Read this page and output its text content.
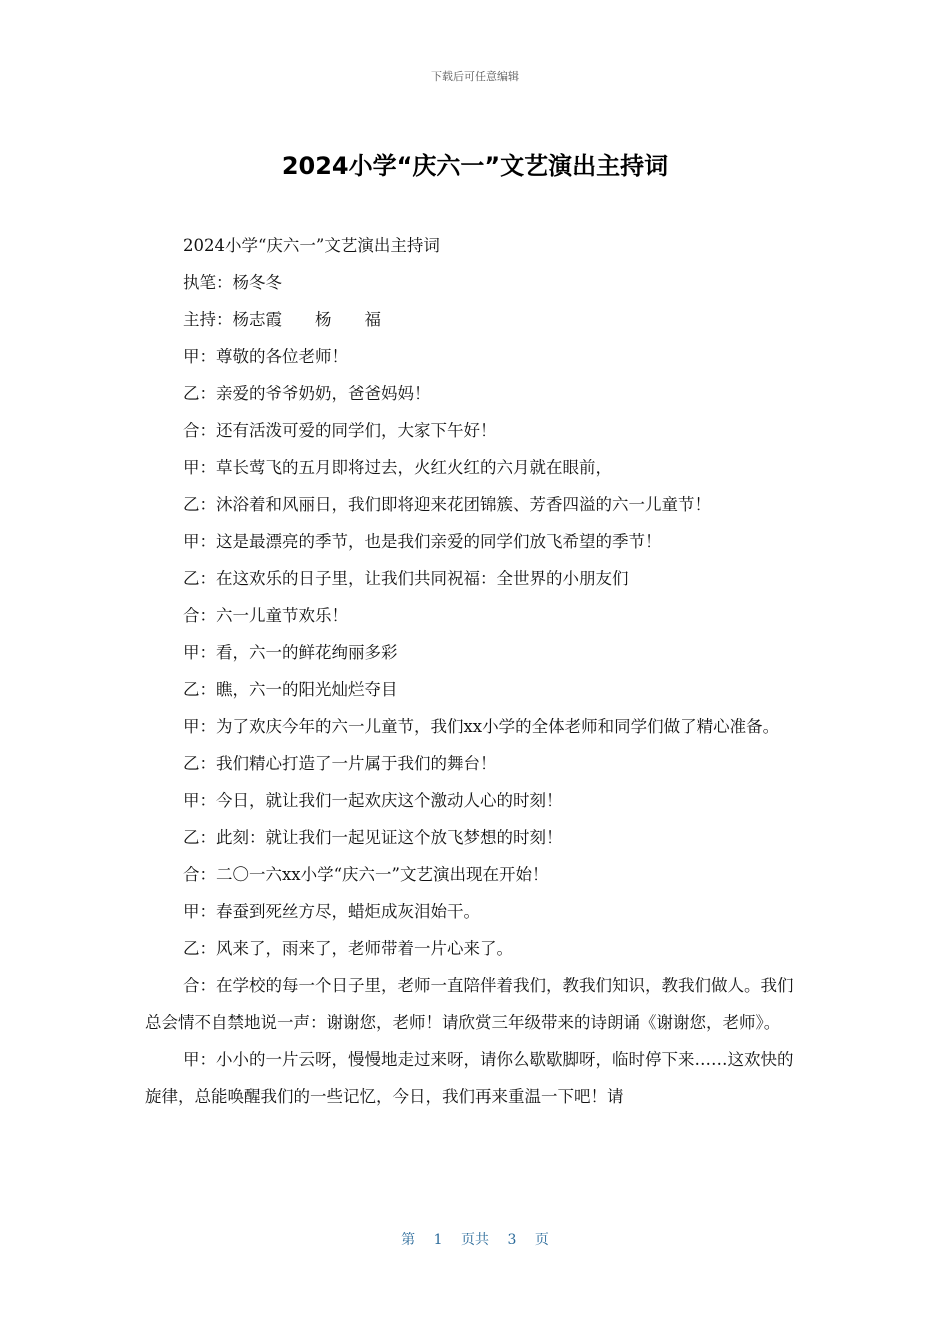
下载后可任意编辑
2024小学“庆六一”文艺演出主持词

2024小学“庆六一”文艺演出主持词

执笔：杨冬冬

主持：杨志霞　　杨　　福

甲：尊敬的各位老师！

乙：亲爱的爷爷奶奶，爸爸妈妈！

合：还有活泼可爱的同学们，大家下午好！

甲：草长莺飞的五月即将过去，火红火红的六月就在眼前，

乙：沐浴着和风丽日，我们即将迎来花团锦簇、芳香四溢的六一儿童节！

甲：这是最漂亮的季节，也是我们亲爱的同学们放飞希望的季节！

乙：在这欢乐的日子里，让我们共同祝福：全世界的小朋友们

合：六一儿童节欢乐！

甲：看，六一的鲜花绚丽多彩

乙：瞧，六一的阳光灿烂夺目

甲：为了欢庆今年的六一儿童节，我们xx小学的全体老师和同学们做了精心准备。

乙：我们精心打造了一片属于我们的舞台！

甲：今日，就让我们一起欢庆这个激动人心的时刻！

乙：此刻：就让我们一起见证这个放飞梦想的时刻！

合：二〇一六xx小学“庆六一”文艺演出现在开始！

甲：春蚕到死丝方尽，蜡炬成灰泪始干。

乙：风来了，雨来了，老师带着一片心来了。

合：在学校的每一个日子里，老师一直陪伴着我们，教我们知识，教我们做人。我们总会情不自禁地说一声：谢谢您，老师！请欣赏三年级带来的诗朗诵《谢谢您，老师》。

甲：小小的一片云呀，慢慢地走过来呀，请你么歇歇脚呀，临时停下来……这欢快的旋律，总能唤醒我们的一些记忆，今日，我们再来重温一下吧！请

第 1 页共 3 页
